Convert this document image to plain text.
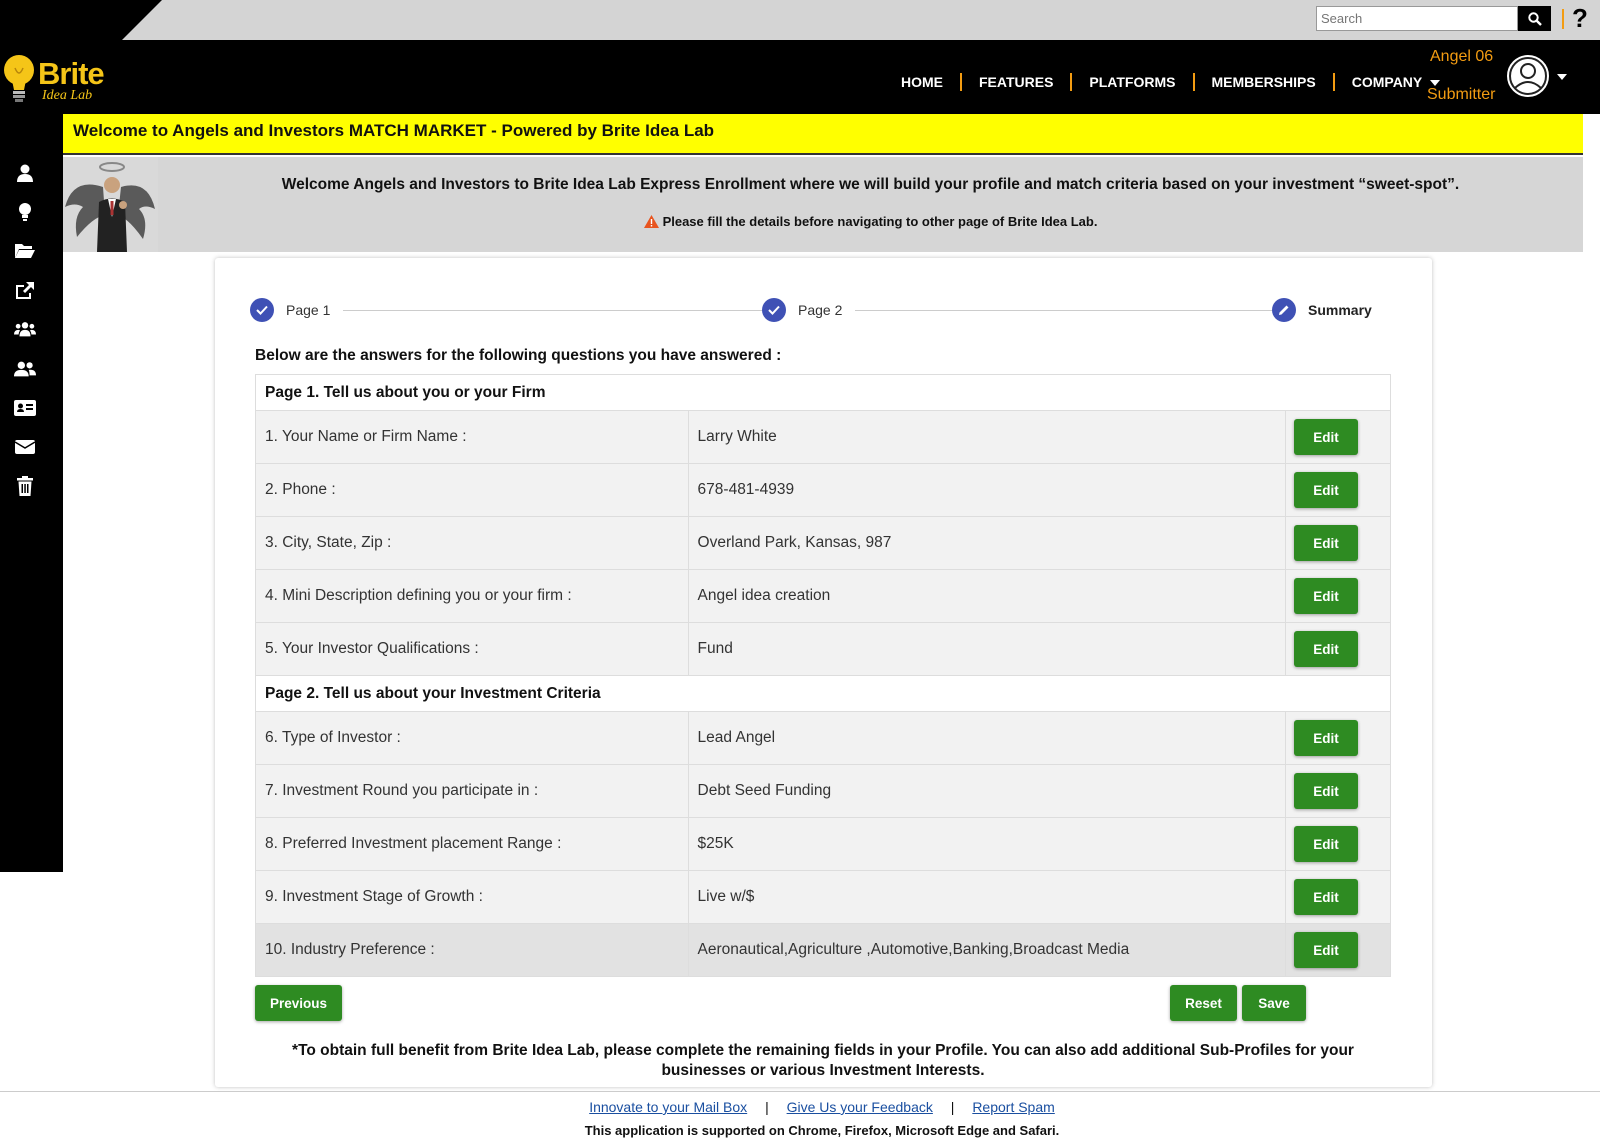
Search
?
Brite
Idea Lab
HOME	FEATURES	PLATFORMS	MEMBERSHIPS	COMPANY
Angel 06
Submitter
Welcome to Angels and Investors MATCH MARKET - Powered by Brite Idea Lab
Welcome Angels and Investors to Brite Idea Lab Express Enrollment where we will build your profile and match criteria based on your investment “sweet-spot”.
Please fill the details before navigating to other page of Brite Idea Lab.
Page 1	Page 2	Summary
Below are the answers for the following questions you have answered :
Page 1. Tell us about you or your Firm		
1. Your Name or Firm Name :	Larry White	Edit
2. Phone :	678-481-4939	Edit
3. City, State, Zip :	Overland Park, Kansas, 987	Edit
4. Mini Description defining you or your firm :	Angel idea creation	Edit
5. Your Investor Qualifications :	Fund	Edit
Page 2. Tell us about your Investment Criteria		
6. Type of Investor :	Lead Angel	Edit
7. Investment Round you participate in :	Debt Seed Funding	Edit
8. Preferred Investment placement Range :	$25K	Edit
9. Investment Stage of Growth :	Live w/$	Edit
10. Industry Preference :	Aeronautical,Agriculture ,Automotive,Banking,Broadcast Media	Edit
Previous	Reset	Save
*To obtain full benefit from Brite Idea Lab, please complete the remaining fields in your Profile. You can also add additional Sub-Profiles for your businesses or various Investment Interests.
Innovate to your Mail Box | Give Us your Feedback | Report Spam
This application is supported on Chrome, Firefox, Microsoft Edge and Safari.
